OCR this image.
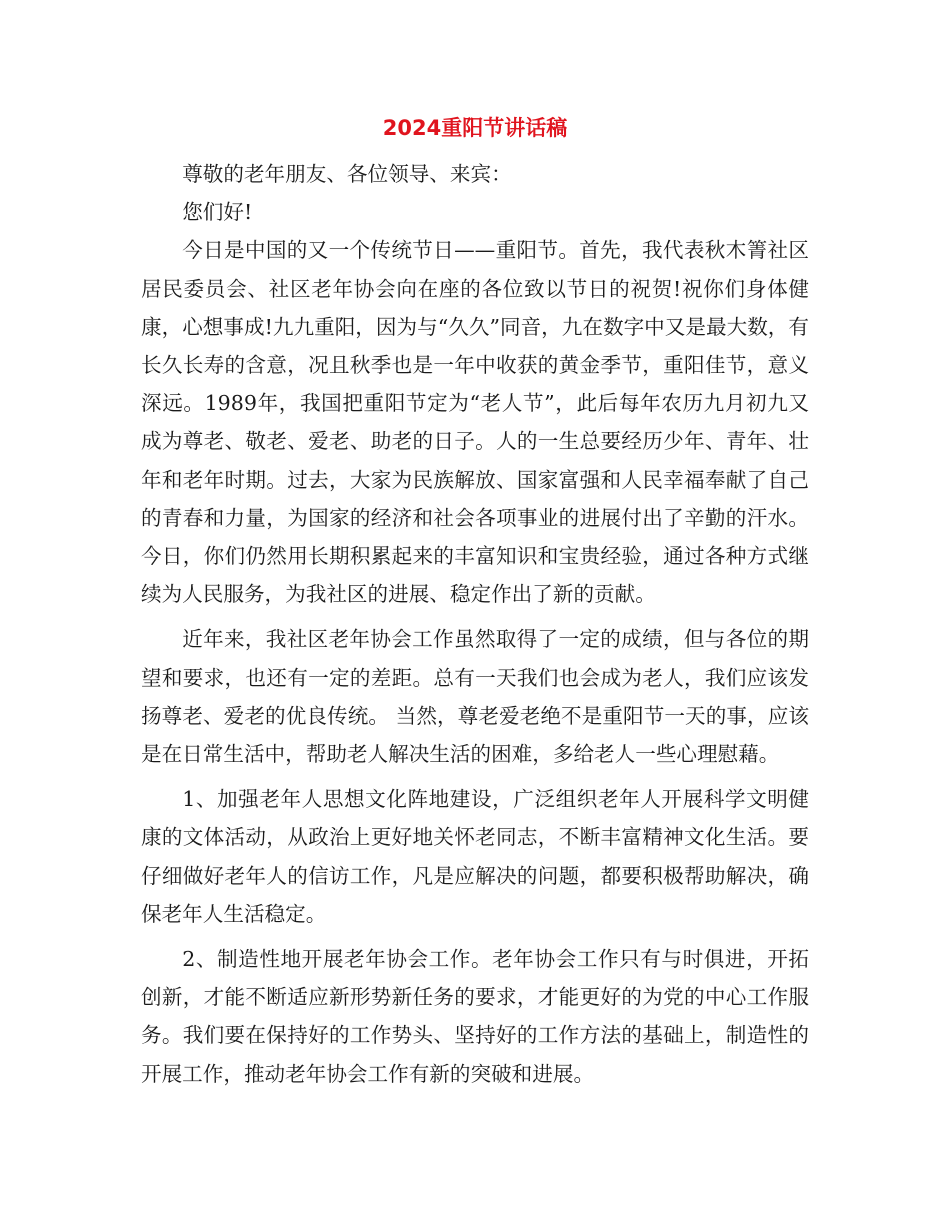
2024重阳节讲话稿

尊敬的老年朋友、各位领导、来宾：

您们好!

今日是中国的又一个传统节日——重阳节。首先，我代表秋木箐社区居民委员会、社区老年协会向在座的各位致以节日的祝贺!祝你们身体健康，心想事成!九九重阳，因为与“久久”同音，九在数字中又是最大数，有长久长寿的含意，况且秋季也是一年中收获的黄金季节，重阳佳节，意义深远。1989年，我国把重阳节定为“老人节”，此后每年农历九月初九又成为尊老、敬老、爱老、助老的日子。人的一生总要经历少年、青年、壮年和老年时期。过去，大家为民族解放、国家富强和人民幸福奉献了自己的青春和力量，为国家的经济和社会各项事业的进展付出了辛勤的汗水。今日，你们仍然用长期积累起来的丰富知识和宝贵经验，通过各种方式继续为人民服务，为我社区的进展、稳定作出了新的贡献。

近年来，我社区老年协会工作虽然取得了一定的成绩，但与各位的期望和要求，也还有一定的差距。总有一天我们也会成为老人，我们应该发扬尊老、爱老的优良传统。 当然，尊老爱老绝不是重阳节一天的事，应该是在日常生活中，帮助老人解决生活的困难，多给老人一些心理慰藉。

1、加强老年人思想文化阵地建设，广泛组织老年人开展科学文明健康的文体活动，从政治上更好地关怀老同志，不断丰富精神文化生活。要仔细做好老年人的信访工作，凡是应解决的问题，都要积极帮助解决，确保老年人生活稳定。

2、制造性地开展老年协会工作。老年协会工作只有与时俱进，开拓创新，才能不断适应新形势新任务的要求，才能更好的为党的中心工作服务。我们要在保持好的工作势头、坚持好的工作方法的基础上，制造性的开展工作，推动老年协会工作有新的突破和进展。
